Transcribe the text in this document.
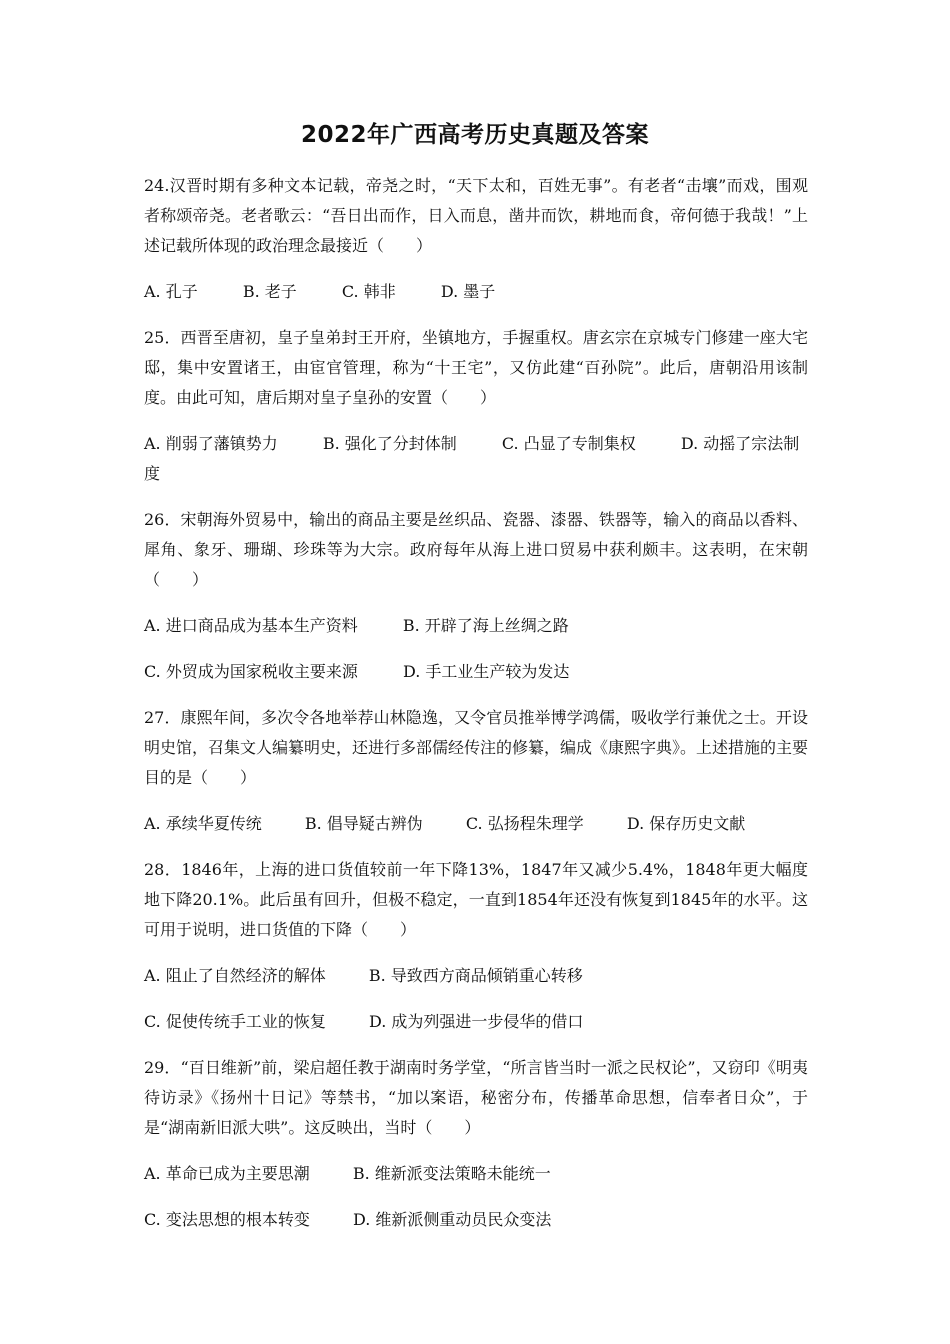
2022年广西高考历史真题及答案

24.汉晋时期有多种文本记载，帝尧之时，“天下太和，百姓无事”。有老者“击壤”而戏，围观者称颂帝尧。老者歌云：“吾日出而作，日入而息，凿井而饮，耕地而食，帝何德于我哉！”上述记载所体现的政治理念最接近（　　）

A. 孔子	B. 老子	C. 韩非	D. 墨子

25．西晋至唐初，皇子皇弟封王开府，坐镇地方，手握重权。唐玄宗在京城专门修建一座大宅邸，集中安置诸王，由宦官管理，称为“十王宅”，又仿此建“百孙院”。此后，唐朝沿用该制度。由此可知，唐后期对皇子皇孙的安置（　　）

A. 削弱了藩镇势力	B. 强化了分封体制	C. 凸显了专制集权	D. 动摇了宗法制度

26．宋朝海外贸易中，输出的商品主要是丝织品、瓷器、漆器、铁器等，输入的商品以香料、犀角、象牙、珊瑚、珍珠等为大宗。政府每年从海上进口贸易中获利颇丰。这表明，在宋朝（　　）

A. 进口商品成为基本生产资料	B. 开辟了海上丝绸之路
C. 外贸成为国家税收主要来源	D. 手工业生产较为发达

27．康熙年间，多次令各地举荐山林隐逸，又令官员推举博学鸿儒，吸收学行兼优之士。开设明史馆，召集文人编纂明史，还进行多部儒经传注的修纂，编成《康熙字典》。上述措施的主要目的是（　　）

A. 承续华夏传统	B. 倡导疑古辨伪	C. 弘扬程朱理学	D. 保存历史文献

28．1846年，上海的进口货值较前一年下降13%，1847年又减少5.4%，1848年更大幅度地下降20.1%。此后虽有回升，但极不稳定，一直到1854年还没有恢复到1845年的水平。这可用于说明，进口货值的下降（　　）

A. 阻止了自然经济的解体	B. 导致西方商品倾销重心转移
C. 促使传统手工业的恢复	D. 成为列强进一步侵华的借口

29．“百日维新”前，梁启超任教于湖南时务学堂，“所言皆当时一派之民权论”，又窃印《明夷待访录》《扬州十日记》等禁书，“加以案语，秘密分布，传播革命思想，信奉者日众”，于是“湖南新旧派大哄”。这反映出，当时（　　）

A. 革命已成为主要思潮	B. 维新派变法策略未能统一
C. 变法思想的根本转变	D. 维新派侧重动员民众变法
